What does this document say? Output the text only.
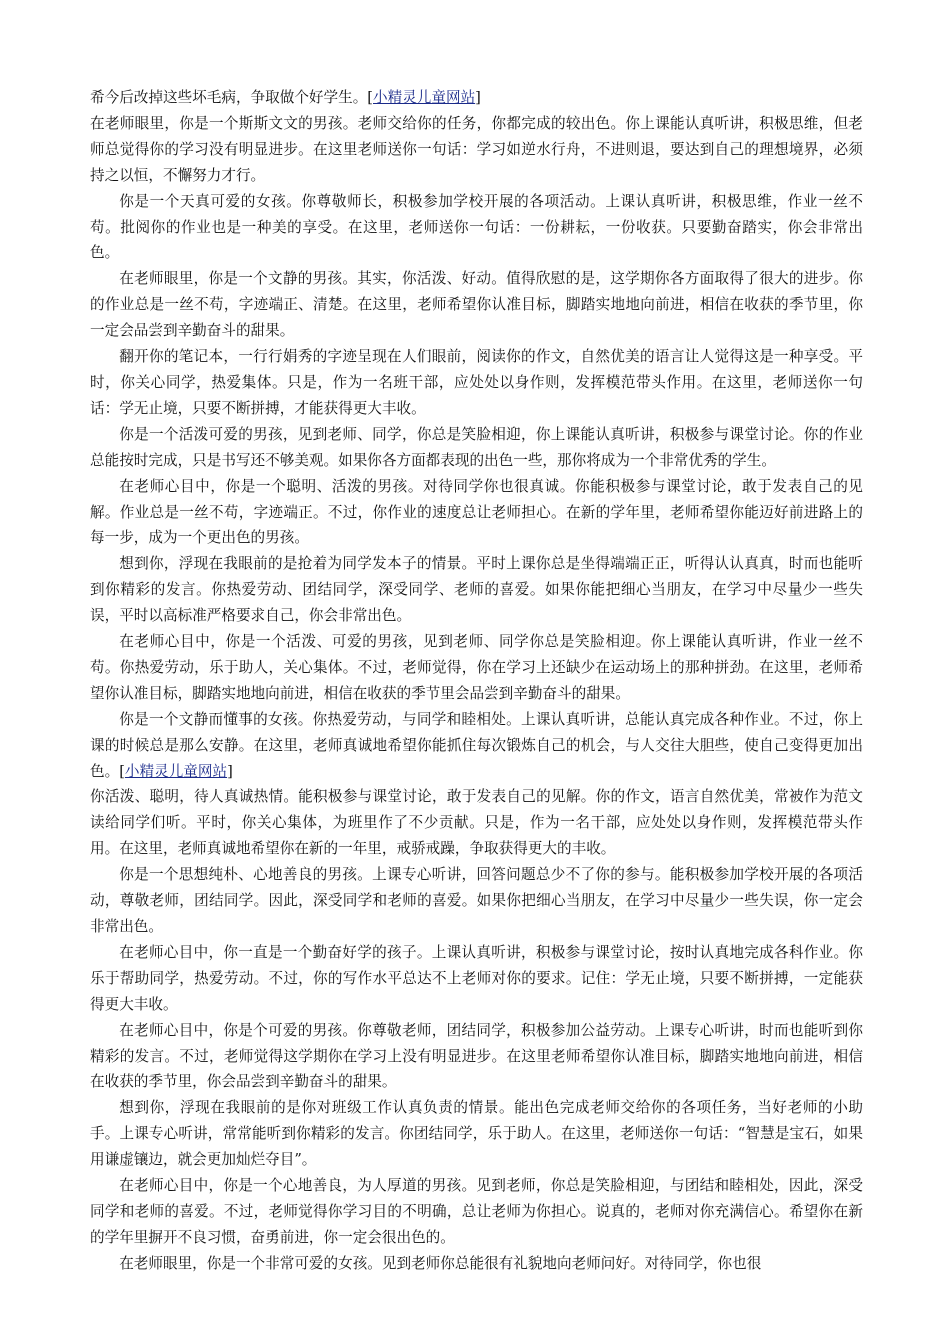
希今后改掉这些坏毛病，争取做个好学生。[小精灵儿童网站]

在老师眼里，你是一个斯斯文文的男孩。老师交给你的任务，你都完成的较出色。你上课能认真听讲，积极思维，但老师总觉得你的学习没有明显进步。在这里老师送你一句话：学习如逆水行舟，不进则退，要达到自己的理想境界，必须持之以恒，不懈努力才行。

你是一个天真可爱的女孩。你尊敬师长，积极参加学校开展的各项活动。上课认真听讲，积极思维，作业一丝不苟。批阅你的作业也是一种美的享受。在这里，老师送你一句话：一份耕耘，一份收获。只要勤奋踏实，你会非常出色。

在老师眼里，你是一个文静的男孩。其实，你活泼、好动。值得欣慰的是，这学期你各方面取得了很大的进步。你的作业总是一丝不苟，字迹端正、清楚。在这里，老师希望你认准目标，脚踏实地地向前进，相信在收获的季节里，你一定会品尝到辛勤奋斗的甜果。

翻开你的笔记本，一行行娟秀的字迹呈现在人们眼前，阅读你的作文，自然优美的语言让人觉得这是一种享受。平时，你关心同学，热爱集体。只是，作为一名班干部，应处处以身作则，发挥模范带头作用。在这里，老师送你一句话：学无止境，只要不断拼搏，才能获得更大丰收。

你是一个活泼可爱的男孩，见到老师、同学，你总是笑脸相迎，你上课能认真听讲，积极参与课堂讨论。你的作业总能按时完成，只是书写还不够美观。如果你各方面都表现的出色一些，那你将成为一个非常优秀的学生。

在老师心目中，你是一个聪明、活泼的男孩。对待同学你也很真诚。你能积极参与课堂讨论，敢于发表自己的见解。作业总是一丝不苟，字迹端正。不过，你作业的速度总让老师担心。在新的学年里，老师希望你能迈好前进路上的每一步，成为一个更出色的男孩。

想到你，浮现在我眼前的是抢着为同学发本子的情景。平时上课你总是坐得端端正正，听得认认真真，时而也能听到你精彩的发言。你热爱劳动、团结同学，深受同学、老师的喜爱。如果你能把细心当朋友，在学习中尽量少一些失误，平时以高标准严格要求自己，你会非常出色。

在老师心目中，你是一个活泼、可爱的男孩，见到老师、同学你总是笑脸相迎。你上课能认真听讲，作业一丝不苟。你热爱劳动，乐于助人，关心集体。不过，老师觉得，你在学习上还缺少在运动场上的那种拼劲。在这里，老师希望你认准目标，脚踏实地地向前进，相信在收获的季节里会品尝到辛勤奋斗的甜果。

你是一个文静而懂事的女孩。你热爱劳动，与同学和睦相处。上课认真听讲，总能认真完成各种作业。不过，你上课的时候总是那么安静。在这里，老师真诚地希望你能抓住每次锻炼自己的机会，与人交往大胆些，使自己变得更加出色。[小精灵儿童网站]

你活泼、聪明，待人真诚热情。能积极参与课堂讨论，敢于发表自己的见解。你的作文，语言自然优美，常被作为范文读给同学们听。平时，你关心集体，为班里作了不少贡献。只是，作为一名干部，应处处以身作则，发挥模范带头作用。在这里，老师真诚地希望你在新的一年里，戒骄戒躁，争取获得更大的丰收。

你是一个思想纯朴、心地善良的男孩。上课专心听讲，回答问题总少不了你的参与。能积极参加学校开展的各项活动，尊敬老师，团结同学。因此，深受同学和老师的喜爱。如果你把细心当朋友，在学习中尽量少一些失误，你一定会非常出色。

在老师心目中，你一直是一个勤奋好学的孩子。上课认真听讲，积极参与课堂讨论，按时认真地完成各科作业。你乐于帮助同学，热爱劳动。不过，你的写作水平总达不上老师对你的要求。记住：学无止境，只要不断拼搏，一定能获得更大丰收。

在老师心目中，你是个可爱的男孩。你尊敬老师，团结同学，积极参加公益劳动。上课专心听讲，时而也能听到你精彩的发言。不过，老师觉得这学期你在学习上没有明显进步。在这里老师希望你认准目标，脚踏实地地向前进，相信在收获的季节里，你会品尝到辛勤奋斗的甜果。

想到你，浮现在我眼前的是你对班级工作认真负责的情景。能出色完成老师交给你的各项任务，当好老师的小助手。上课专心听讲，常常能听到你精彩的发言。你团结同学，乐于助人。在这里，老师送你一句话：“智慧是宝石，如果用谦虚镶边，就会更加灿烂夺目”。

在老师心目中，你是一个心地善良，为人厚道的男孩。见到老师，你总是笑脸相迎，与团结和睦相处，因此，深受同学和老师的喜爱。不过，老师觉得你学习目的不明确，总让老师为你担心。说真的，老师对你充满信心。希望你在新的学年里摒开不良习惯，奋勇前进，你一定会很出色的。

在老师眼里，你是一个非常可爱的女孩。见到老师你总能很有礼貌地向老师问好。对待同学，你也很
